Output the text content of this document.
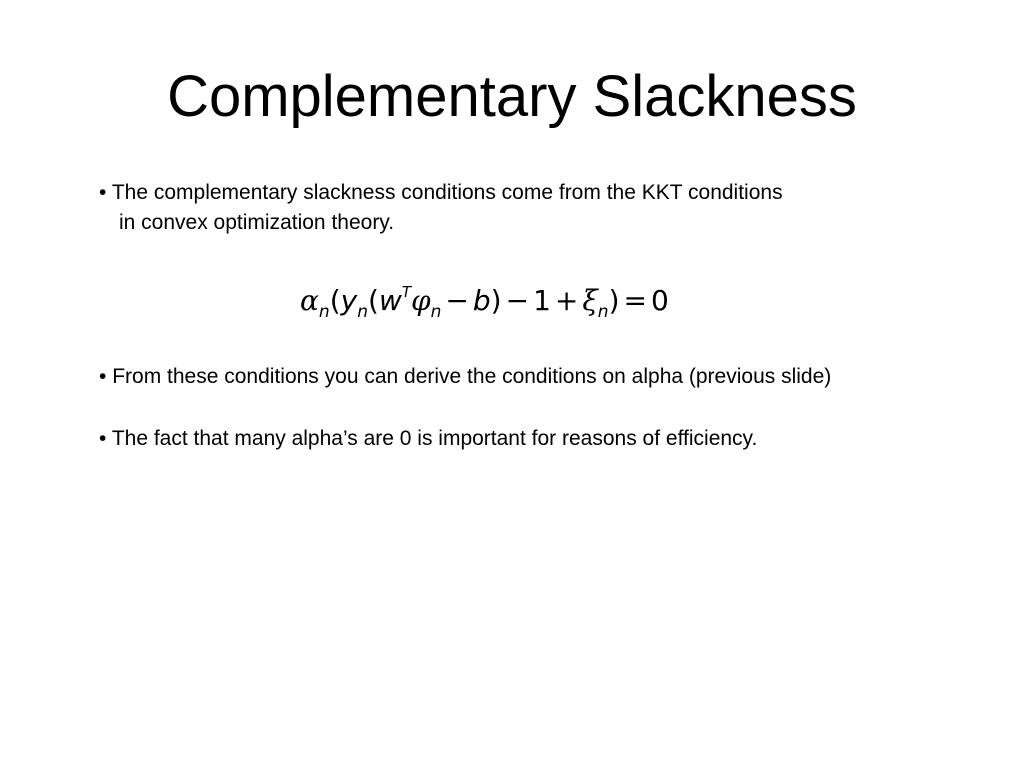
Complementary Slackness

• The complementary slackness conditions come from the KKT conditions
in convex optimization theory.

$\alpha_n(y_n(w^T\varphi_n - b) - 1 + \xi_n) = 0$

• From these conditions you can derive the conditions on alpha (previous slide)

• The fact that many alpha’s are 0 is important for reasons of efficiency.
